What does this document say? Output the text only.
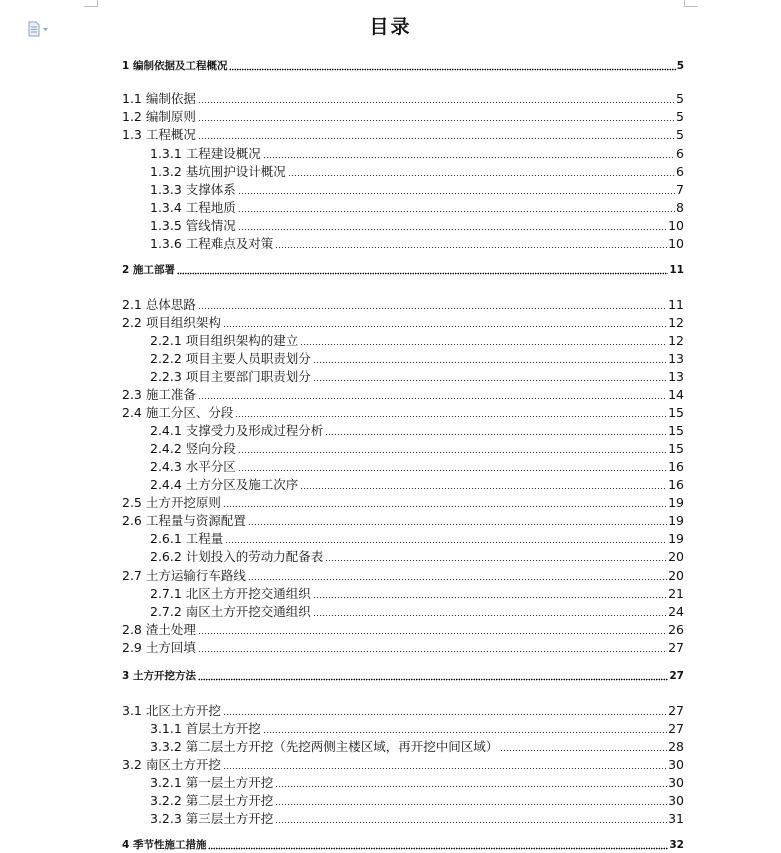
目录
1 编制依据及工程概况	5
1.1 编制依据	5
1.2 编制原则	5
1.3 工程概况	5
1.3.1 工程建设概况	6
1.3.2 基坑围护设计概况	6
1.3.3 支撑体系	7
1.3.4 工程地质	8
1.3.5 管线情况	10
1.3.6 工程难点及对策	10
2 施工部署	11
2.1 总体思路	11
2.2 项目组织架构	12
2.2.1 项目组织架构的建立	12
2.2.2 项目主要人员职责划分	13
2.2.3 项目主要部门职责划分	13
2.3 施工准备	14
2.4 施工分区、分段	15
2.4.1 支撑受力及形成过程分析	15
2.4.2 竖向分段	15
2.4.3 水平分区	16
2.4.4 土方分区及施工次序	16
2.5 土方开挖原则	19
2.6 工程量与资源配置	19
2.6.1 工程量	19
2.6.2 计划投入的劳动力配备表	20
2.7 土方运输行车路线	20
2.7.1 北区土方开挖交通组织	21
2.7.2 南区土方开挖交通组织	24
2.8 渣土处理	26
2.9 土方回填	27
3 土方开挖方法	27
3.1 北区土方开挖	27
3.1.1 首层土方开挖	27
3.3.2 第二层土方开挖（先挖两侧主楼区域，再开挖中间区域）	28
3.2 南区土方开挖	30
3.2.1 第一层土方开挖	30
3.2.2 第二层土方开挖	30
3.2.3 第三层土方开挖	31
4 季节性施工措施	32
